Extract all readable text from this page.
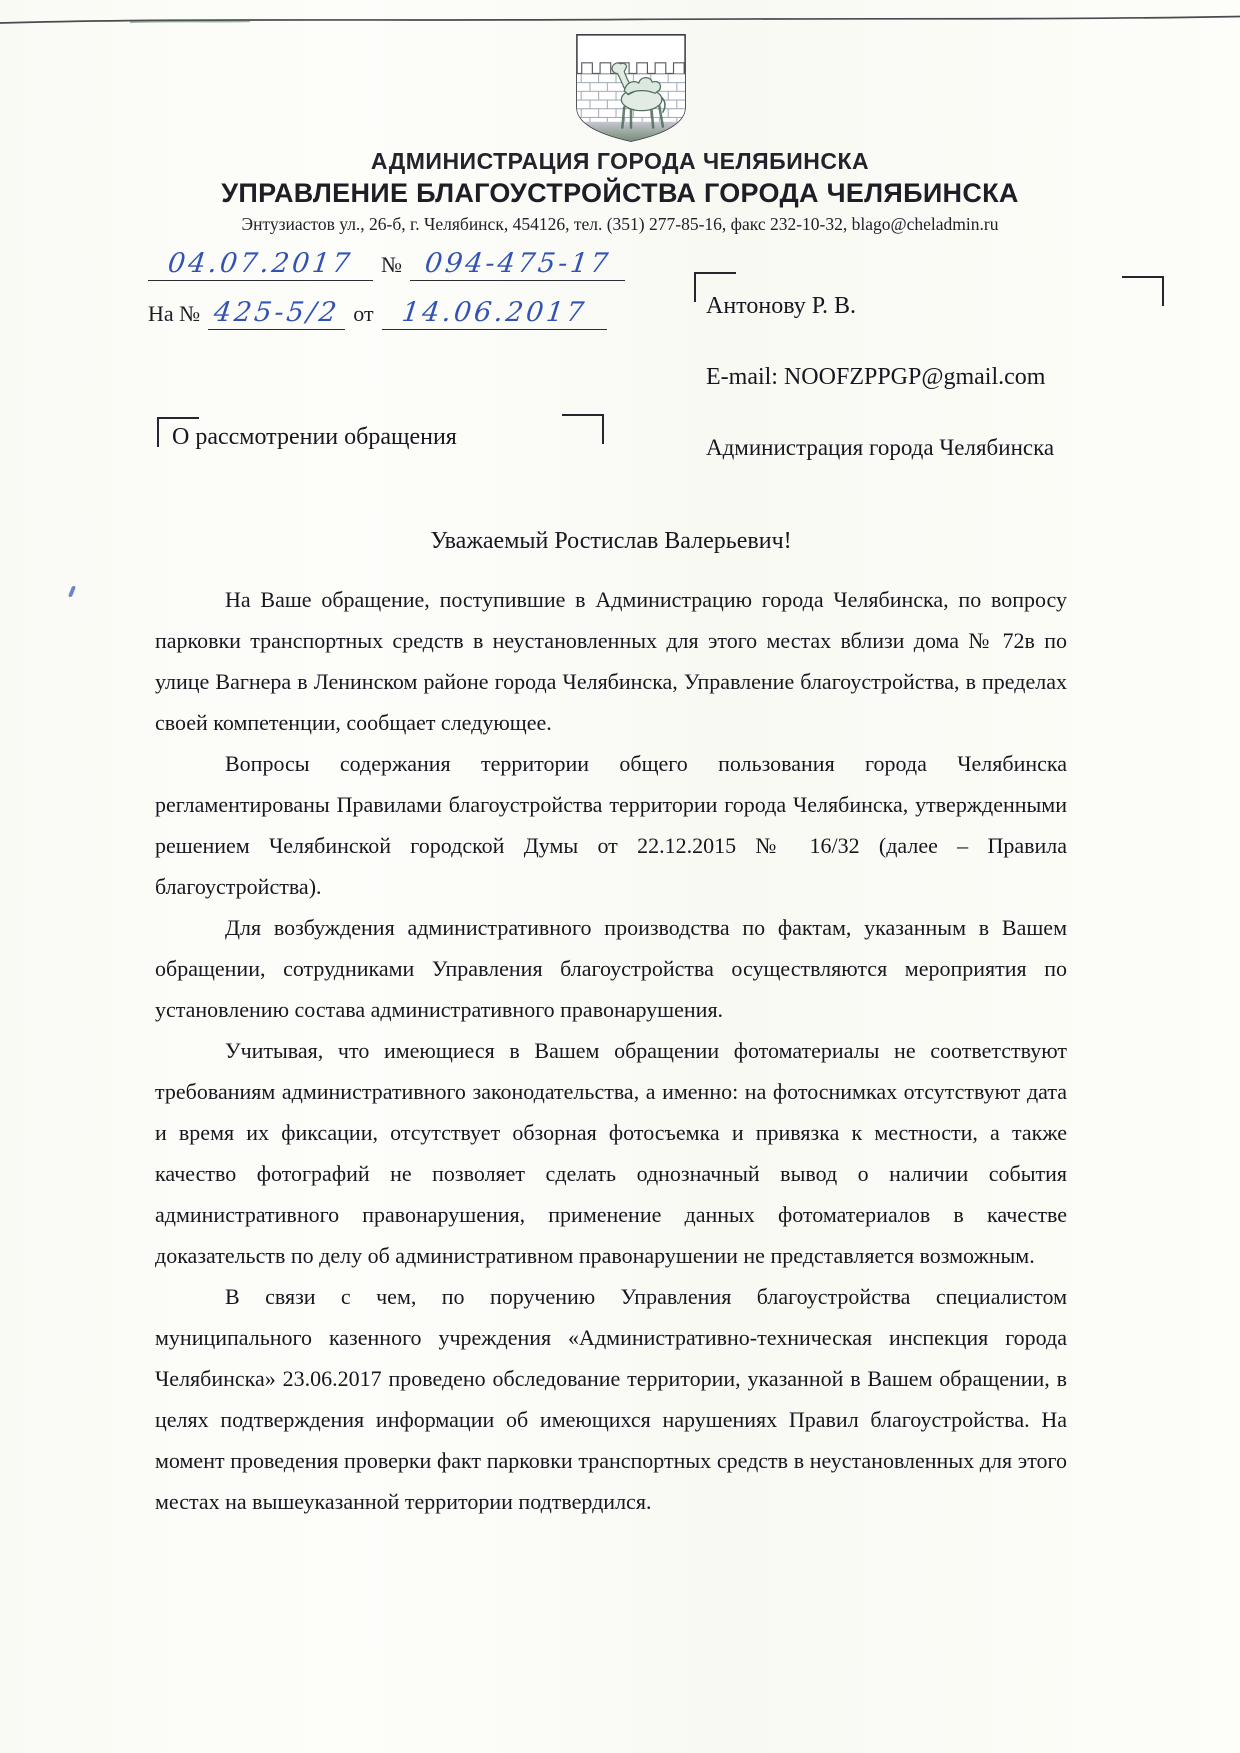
АДМИНИСТРАЦИЯ ГОРОДА ЧЕЛЯБИНСКА
УПРАВЛЕНИЕ БЛАГОУСТРОЙСТВА ГОРОДА ЧЕЛЯБИНСКА
Энтузиастов ул., 26-б, г. Челябинск, 454126, тел. (351) 277-85-16, факс 232-10-32, blago@cheladmin.ru
04.07.2017	№ 094-475-17
На № 425-5/2 от 14.06.2017	Антонову Р. В.
E-mail: NOOFZPPGP@gmail.com
Администрация города Челябинска
О рассмотрении обращения
Уважаемый Ростислав Валерьевич!

На Ваше обращение, поступившие в Администрацию города Челябинска, по вопросу парковки транспортных средств в неустановленных для этого местах вблизи дома № 72в по улице Вагнера в Ленинском районе города Челябинска, Управление благоустройства, в пределах своей компетенции, сообщает следующее.

Вопросы содержания территории общего пользования города Челябинска регламентированы Правилами благоустройства территории города Челябинска, утвержденными решением Челябинской городской Думы от 22.12.2015 № 16/32 (далее – Правила благоустройства).

Для возбуждения административного производства по фактам, указанным в Вашем обращении, сотрудниками Управления благоустройства осуществляются мероприятия по установлению состава административного правонарушения.

Учитывая, что имеющиеся в Вашем обращении фотоматериалы не соответствуют требованиям административного законодательства, а именно: на фотоснимках отсутствуют дата и время их фиксации, отсутствует обзорная фотосъемка и привязка к местности, а также качество фотографий не позволяет сделать однозначный вывод о наличии события административного правонарушения, применение данных фотоматериалов в качестве доказательств по делу об административном правонарушении не представляется возможным.

В связи с чем, по поручению Управления благоустройства специалистом муниципального казенного учреждения «Административно-техническая инспекция города Челябинска» 23.06.2017 проведено обследование территории, указанной в Вашем обращении, в целях подтверждения информации об имеющихся нарушениях Правил благоустройства. На момент проведения проверки факт парковки транспортных средств в неустановленных для этого местах на вышеуказанной территории подтвердился.
